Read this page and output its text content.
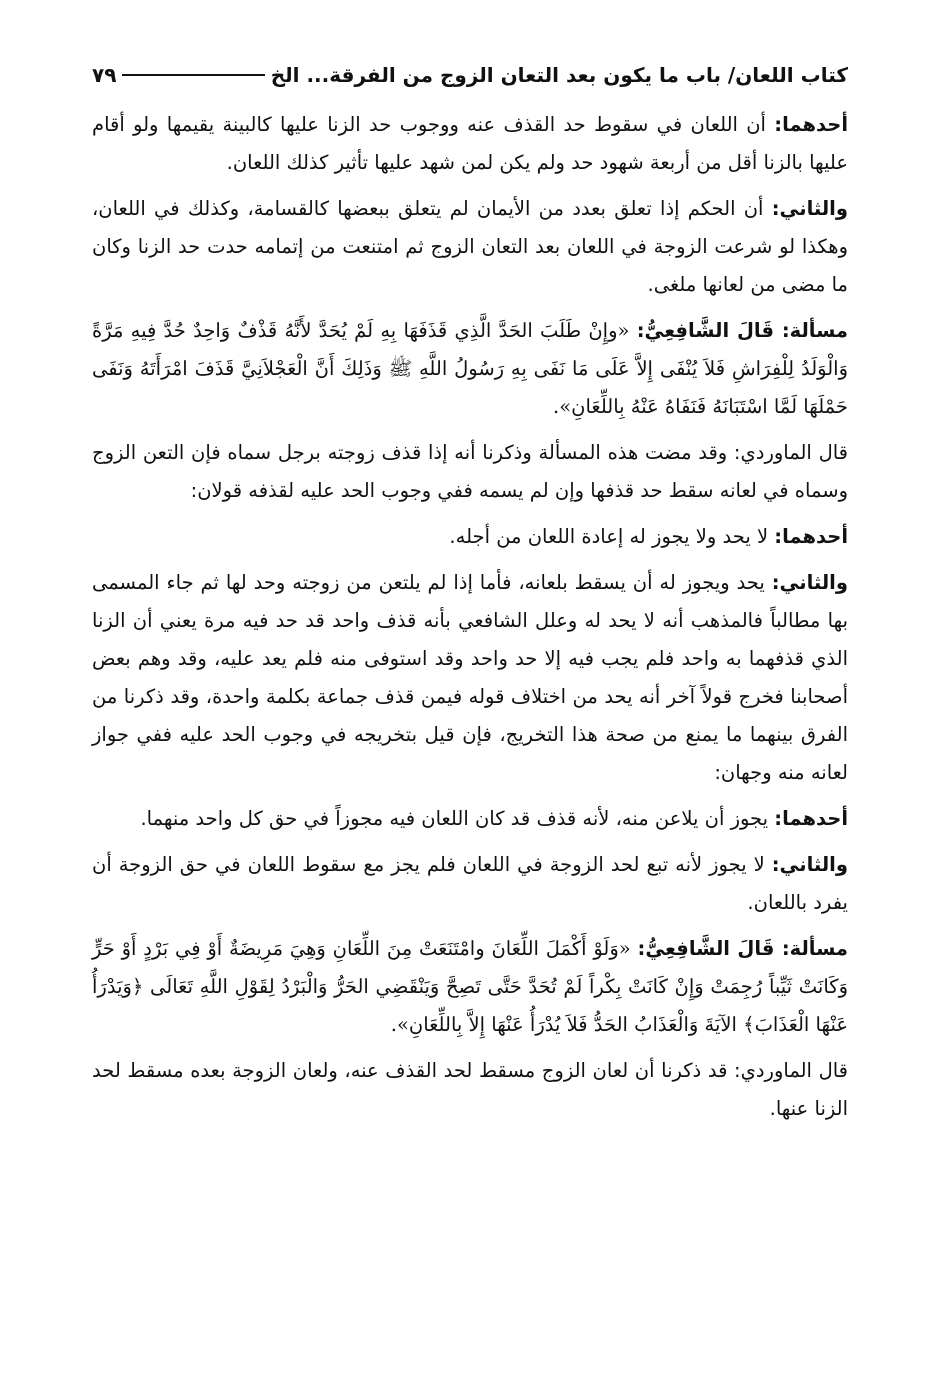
كتاب اللعان/ باب ما يكون بعد التعان الزوج من الفرقة... الخ
٧٩

أحدهما: أن اللعان في سقوط حد القذف عنه ووجوب حد الزنا عليها كالبينة يقيمها ولو أقام عليها بالزنا أقل من أربعة شهود حد ولم يكن لمن شهد عليها تأثير كذلك اللعان.

والثاني: أن الحكم إذا تعلق بعدد من الأيمان لم يتعلق ببعضها كالقسامة، وكذلك في اللعان، وهكذا لو شرعت الزوجة في اللعان بعد التعان الزوج ثم امتنعت من إتمامه حدت حد الزنا وكان ما مضى من لعانها ملغى.

مسألة: قَالَ الشَّافِعِيُّ: «وإِنْ طَلَبَ الحَدَّ الَّذِي قَذَفَهَا بِهِ لَمْ يُحَدَّ لأَنَّهُ قَذْفٌ وَاحِدٌ حُدَّ فِيهِ مَرَّةً وَالْوَلَدُ لِلْفِرَاشِ فَلاَ يُنْفَى إِلاَّ عَلَى مَا نَفَى بِهِ رَسُولُ اللَّهِ ﷺ وَذَلِكَ أَنَّ الْعَجْلاَنِيَّ قَذَفَ امْرَأَتَهُ وَنَفَى حَمْلَهَا لَمَّا اسْتَبَانَهُ فَنَفَاهُ عَنْهُ بِاللِّعَانِ».

قال الماوردي: وقد مضت هذه المسألة وذكرنا أنه إذا قذف زوجته برجل سماه فإن التعن الزوج وسماه في لعانه سقط حد قذفها وإن لم يسمه ففي وجوب الحد عليه لقذفه قولان:

أحدهما: لا يحد ولا يجوز له إعادة اللعان من أجله.

والثاني: يحد ويجوز له أن يسقط بلعانه، فأما إذا لم يلتعن من زوجته وحد لها ثم جاء المسمى بها مطالباً فالمذهب أنه لا يحد له وعلل الشافعي بأنه قذف واحد قد حد فيه مرة يعني أن الزنا الذي قذفهما به واحد فلم يجب فيه إلا حد واحد وقد استوفى منه فلم يعد عليه، وقد وهم بعض أصحابنا فخرج قولاً آخر أنه يحد من اختلاف قوله فيمن قذف جماعة بكلمة واحدة، وقد ذكرنا من الفرق بينهما ما يمنع من صحة هذا التخريج، فإن قيل بتخريجه في وجوب الحد عليه ففي جواز لعانه منه وجهان:

أحدهما: يجوز أن يلاعن منه، لأنه قذف قد كان اللعان فيه مجوزاً في حق كل واحد منهما.

والثاني: لا يجوز لأنه تبع لحد الزوجة في اللعان فلم يجز مع سقوط اللعان في حق الزوجة أن يفرد باللعان.

مسألة: قَالَ الشَّافِعِيُّ: «وَلَوْ أَكْمَلَ اللِّعَانَ وامْتَنَعَتْ مِنَ اللِّعَانِ وَهِيَ مَرِيضَةٌ أَوْ فِي بَرْدٍ أَوْ حَرٍّ وَكَانَتْ ثَيِّباً رُجِمَتْ وَإِنْ كَانَتْ بِكْراً لَمْ تُحَدَّ حَتَّى تَصِحَّ وَيَنْقَضِي الحَرُّ وَالْبَرْدُ لِقَوْلِ اللَّهِ تَعَالَى ﴿وَيَدْرَأُ عَنْهَا الْعَذَابَ﴾ الآيَةَ وَالْعَذَابُ الحَدُّ فَلاَ يُدْرَأُ عَنْهَا إِلاَّ بِاللِّعَانِ».

قال الماوردي: قد ذكرنا أن لعان الزوج مسقط لحد القذف عنه، ولعان الزوجة بعده مسقط لحد الزنا عنها.
